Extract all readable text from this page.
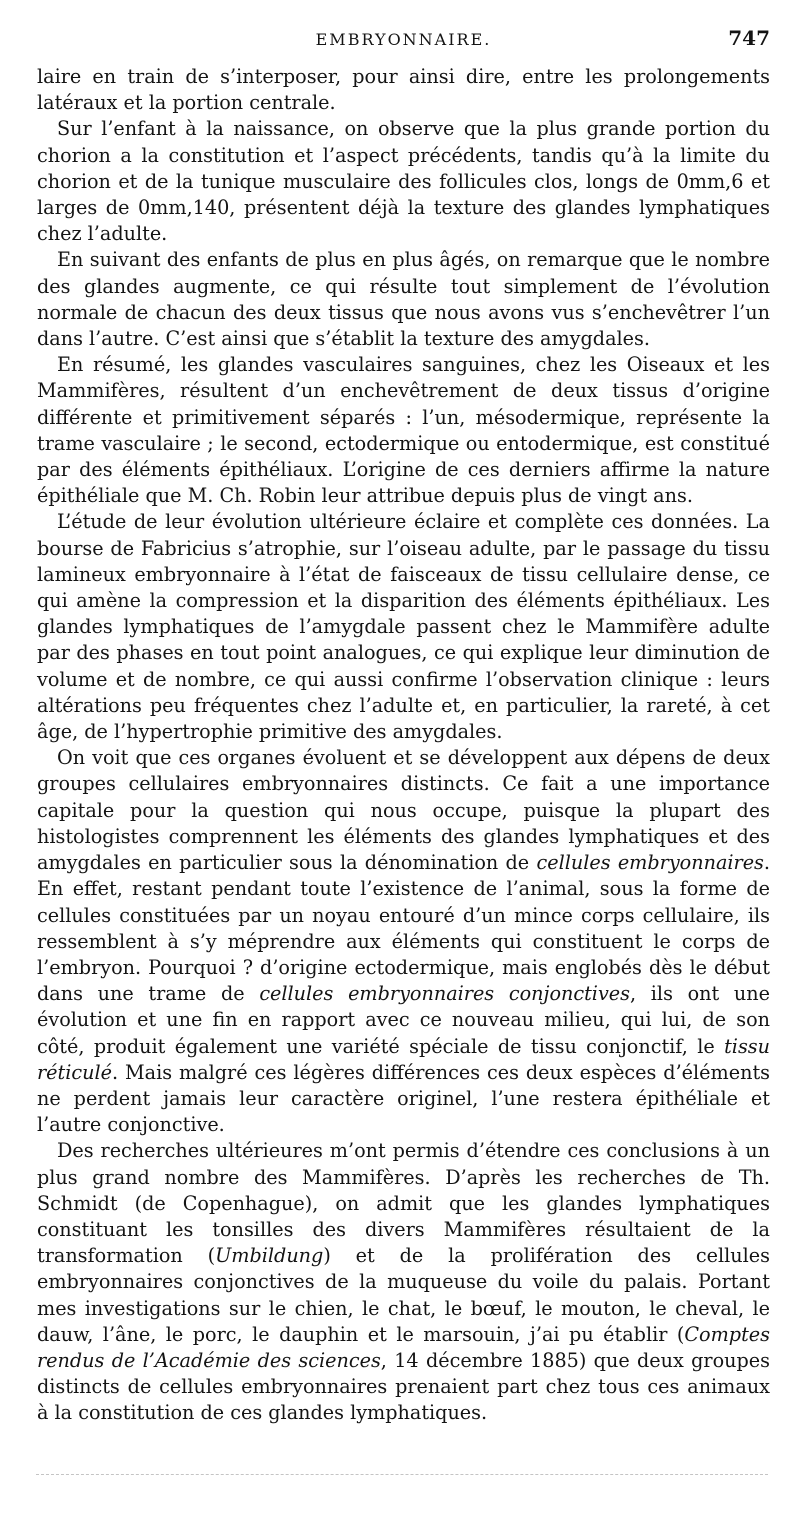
EMBRYONNAIRE.	747

laire en train de s’interposer, pour ainsi dire, entre les prolongements latéraux et la portion centrale.

Sur l’enfant à la naissance, on observe que la plus grande portion du chorion a la constitution et l’aspect précédents, tandis qu’à la limite du chorion et de la tunique musculaire des follicules clos, longs de 0mm,6 et larges de 0mm,140, présentent déjà la texture des glandes lymphatiques chez l’adulte.

En suivant des enfants de plus en plus âgés, on remarque que le nombre des glandes augmente, ce qui résulte tout simplement de l’évolution normale de chacun des deux tissus que nous avons vus s’enchevêtrer l’un dans l’autre. C’est ainsi que s’établit la texture des amygdales.

En résumé, les glandes vasculaires sanguines, chez les Oiseaux et les Mammifères, résultent d’un enchevêtrement de deux tissus d’origine différente et primitivement séparés : l’un, mésodermique, représente la trame vasculaire ; le second, ectodermique ou entodermique, est constitué par des éléments épithéliaux. L’origine de ces derniers affirme la nature épithéliale que M. Ch. Robin leur attribue depuis plus de vingt ans.

L’étude de leur évolution ultérieure éclaire et complète ces données. La bourse de Fabricius s’atrophie, sur l’oiseau adulte, par le passage du tissu lamineux embryonnaire à l’état de faisceaux de tissu cellulaire dense, ce qui amène la compression et la disparition des éléments épithéliaux. Les glandes lymphatiques de l’amygdale passent chez le Mammifère adulte par des phases en tout point analogues, ce qui explique leur diminution de volume et de nombre, ce qui aussi confirme l’observation clinique : leurs altérations peu fréquentes chez l’adulte et, en particulier, la rareté, à cet âge, de l’hypertrophie primitive des amygdales.

On voit que ces organes évoluent et se développent aux dépens de deux groupes cellulaires embryonnaires distincts. Ce fait a une importance capitale pour la question qui nous occupe, puisque la plupart des histologistes comprennent les éléments des glandes lymphatiques et des amygdales en particulier sous la dénomination de cellules embryonnaires. En effet, restant pendant toute l’existence de l’animal, sous la forme de cellules constituées par un noyau entouré d’un mince corps cellulaire, ils ressemblent à s’y méprendre aux éléments qui constituent le corps de l’embryon. Pourquoi ? d’origine ectodermique, mais englobés dès le début dans une trame de cellules embryonnaires conjonctives, ils ont une évolution et une fin en rapport avec ce nouveau milieu, qui lui, de son côté, produit également une variété spéciale de tissu conjonctif, le tissu réticulé. Mais malgré ces légères différences ces deux espèces d’éléments ne perdent jamais leur caractère originel, l’une restera épithéliale et l’autre conjonctive.

Des recherches ultérieures m’ont permis d’étendre ces conclusions à un plus grand nombre des Mammifères. D’après les recherches de Th. Schmidt (de Copenhague), on admit que les glandes lymphatiques constituant les tonsilles des divers Mammifères résultaient de la transformation (Umbildung) et de la prolifération des cellules embryonnaires conjonctives de la muqueuse du voile du palais. Portant mes investigations sur le chien, le chat, le bœuf, le mouton, le cheval, le dauw, l’âne, le porc, le dauphin et le marsouin, j’ai pu établir (Comptes rendus de l’Académie des sciences, 14 décembre 1885) que deux groupes distincts de cellules embryonnaires prenaient part chez tous ces animaux à la constitution de ces glandes lymphatiques.
